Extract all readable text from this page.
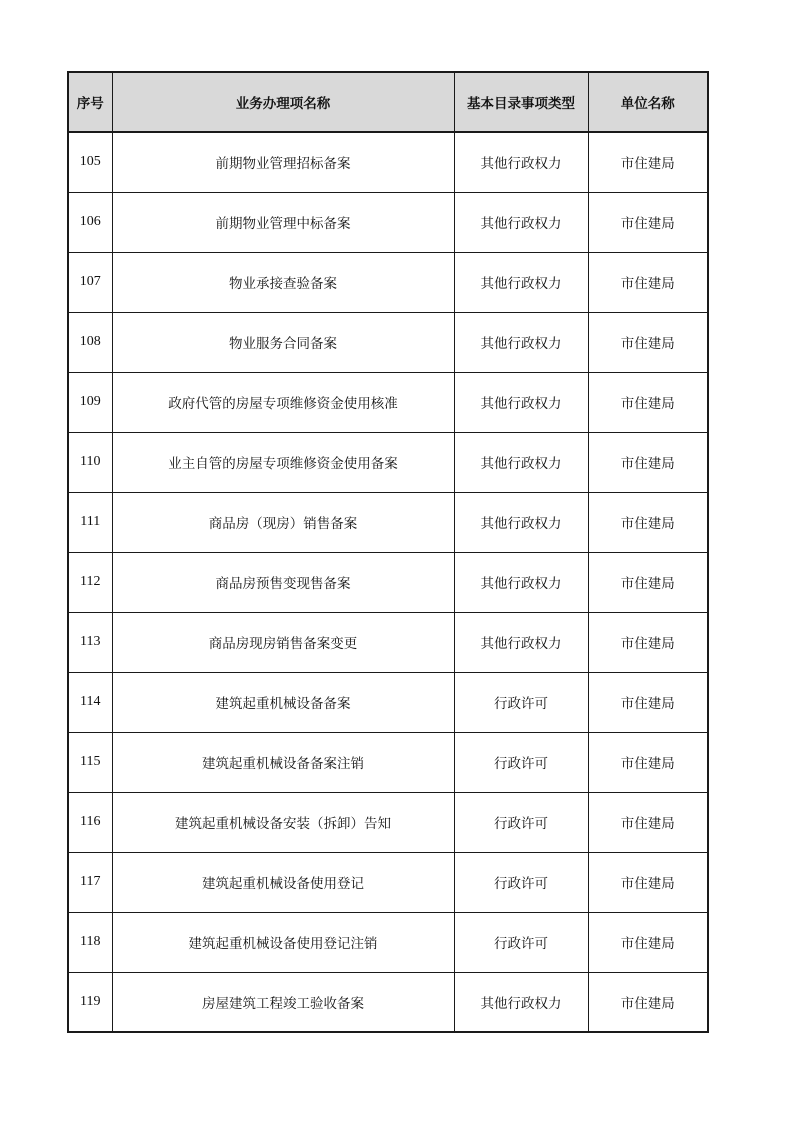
序号	业务办理项名称	基本目录事项类型	单位名称
105	前期物业管理招标备案	其他行政权力	市住建局
106	前期物业管理中标备案	其他行政权力	市住建局
107	物业承接查验备案	其他行政权力	市住建局
108	物业服务合同备案	其他行政权力	市住建局
109	政府代管的房屋专项维修资金使用核准	其他行政权力	市住建局
110	业主自管的房屋专项维修资金使用备案	其他行政权力	市住建局
111	商品房（现房）销售备案	其他行政权力	市住建局
112	商品房预售变现售备案	其他行政权力	市住建局
113	商品房现房销售备案变更	其他行政权力	市住建局
114	建筑起重机械设备备案	行政许可	市住建局
115	建筑起重机械设备备案注销	行政许可	市住建局
116	建筑起重机械设备安装（拆卸）告知	行政许可	市住建局
117	建筑起重机械设备使用登记	行政许可	市住建局
118	建筑起重机械设备使用登记注销	行政许可	市住建局
119	房屋建筑工程竣工验收备案	其他行政权力	市住建局
